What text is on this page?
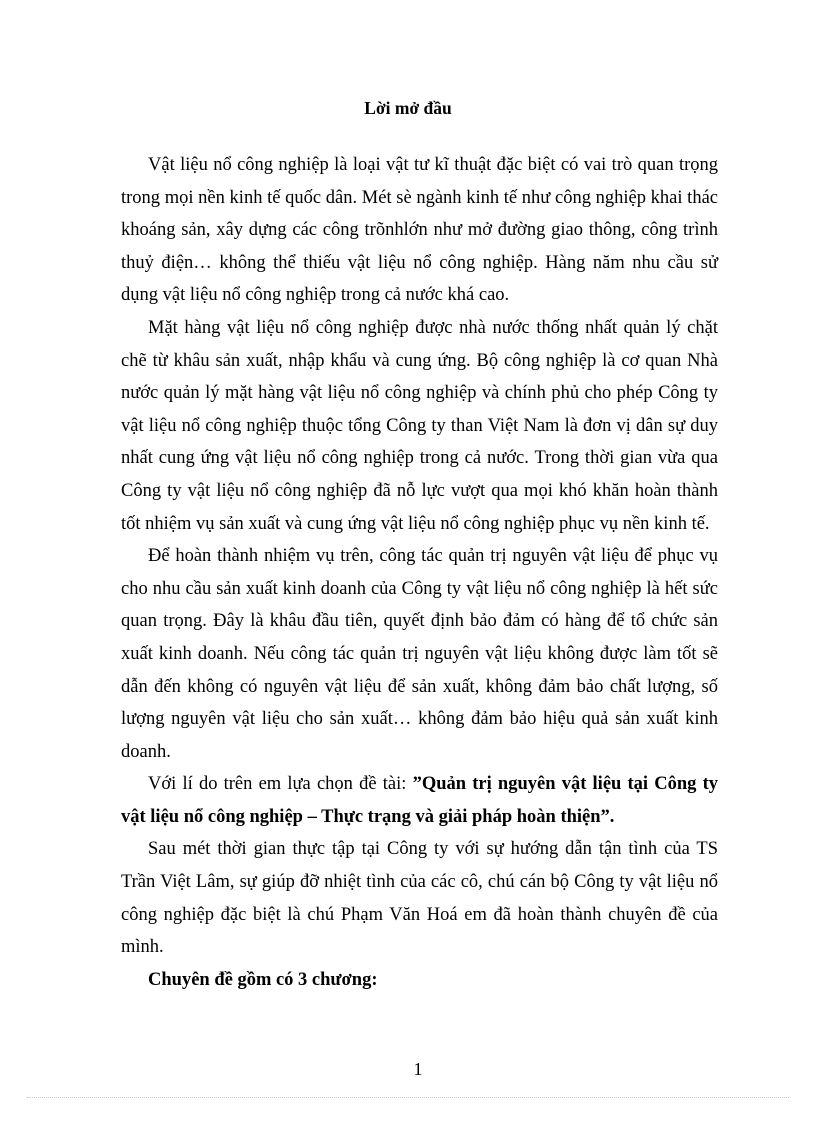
Lời mở đầu

Vật liệu nổ công nghiệp là loại vật tư kĩ thuật đặc biệt có vai trò quan trọng trong mọi nền kinh tế quốc dân. Mét sè ngành kinh tế như công nghiệp khai thác khoáng sản, xây dựng các công trõnhlớn như mở đường giao thông, công trình thuỷ điện… không thể thiếu vật liệu nổ công nghiệp. Hàng năm nhu cầu sử dụng vật liệu nổ công nghiệp trong cả nước khá cao.

Mặt hàng vật liệu nổ công nghiệp được nhà nước thống nhất quản lý chặt chẽ từ khâu sản xuất, nhập khẩu và cung ứng. Bộ công nghiệp là cơ quan Nhà nước quản lý mặt hàng vật liệu nổ công nghiệp và chính phủ cho phép Công ty vật liệu nổ công nghiệp thuộc tổng Công ty than Việt Nam là đơn vị dân sự duy nhất cung ứng vật liệu nổ công nghiệp trong cả nước. Trong thời gian vừa qua Công ty vật liệu nổ công nghiệp đã nỗ lực vượt qua mọi khó khăn hoàn thành tốt nhiệm vụ sản xuất và cung ứng vật liệu nổ công nghiệp phục vụ nền kinh tế.

Để hoàn thành nhiệm vụ trên, công tác quản trị nguyên vật liệu để phục vụ cho nhu cầu sản xuất kinh doanh của Công ty vật liệu nổ công nghiệp là hết sức quan trọng. Đây là khâu đầu tiên, quyết định bảo đảm có hàng để tổ chức sản xuất kinh doanh. Nếu công tác quản trị nguyên vật liệu không được làm tốt sẽ dẫn đến không có nguyên vật liệu để sản xuất, không đảm bảo chất lượng, số lượng nguyên vật liệu cho sản xuất… không đảm bảo hiệu quả sản xuất kinh doanh.

Với lí do trên em lựa chọn đề tài: ”Quản trị nguyên vật liệu tại Công ty vật liệu nổ công nghiệp – Thực trạng và giải pháp hoàn thiện”.

Sau mét thời gian thực tập tại Công ty với sự hướng dẫn tận tình của TS Trần Việt Lâm, sự giúp đỡ nhiệt tình của các cô, chú cán bộ Công ty vật liệu nổ công nghiệp đặc biệt là chú Phạm Văn Hoá em đã hoàn thành chuyên đề của mình.

Chuyên đề gồm có 3 chương:

1
